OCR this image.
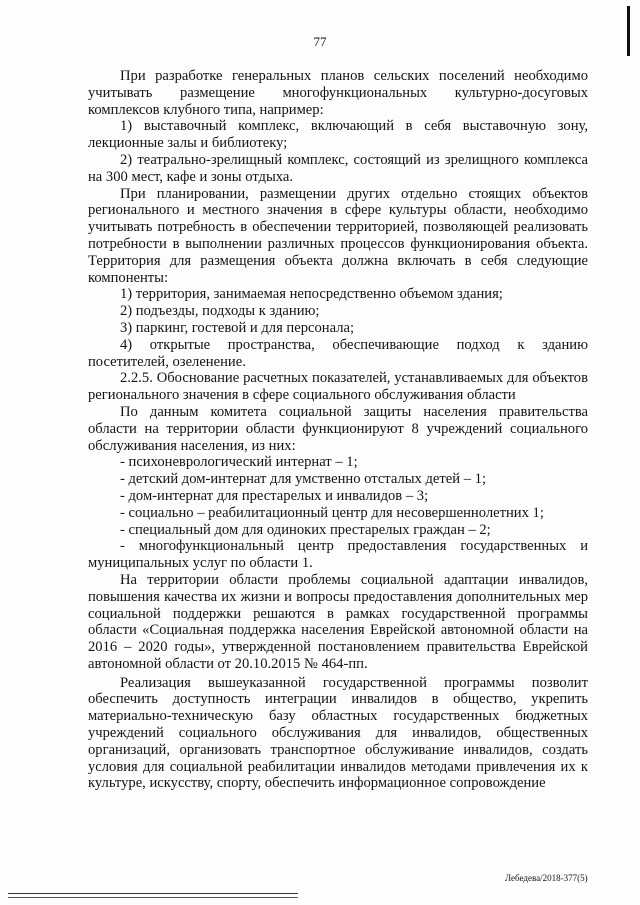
77

При разработке генеральных планов сельских поселений необходимо учитывать размещение многофункциональных культурно-досуговых комплексов клубного типа, например:

1) выставочный комплекс, включающий в себя выставочную зону, лекционные залы и библиотеку;

2) театрально-зрелищный комплекс, состоящий из зрелищного комплекса на 300 мест, кафе и зоны отдыха.

При планировании, размещении других отдельно стоящих объектов регионального и местного значения в сфере культуры области, необходимо учитывать потребность в обеспечении территорией, позволяющей реализовать потребности в выполнении различных процессов функционирования объекта. Территория для размещения объекта должна включать в себя следующие компоненты:

1) территория, занимаемая непосредственно объемом здания;

2) подъезды, подходы к зданию;

3) паркинг, гостевой и для персонала;

4) открытые пространства, обеспечивающие подход к зданию посетителей, озеленение.

2.2.5. Обоснование расчетных показателей, устанавливаемых для объектов регионального значения в сфере социального обслуживания области

По данным комитета социальной защиты населения правительства области на территории области функционируют 8 учреждений социального обслуживания населения, из них:

- психоневрологический интернат – 1;

- детский дом-интернат для умственно отсталых детей – 1;

- дом-интернат для престарелых и инвалидов – 3;

- социально – реабилитационный центр для несовершеннолетних 1;

- специальный дом для одиноких престарелых граждан – 2;

- многофункциональный центр предоставления государственных и муниципальных услуг по области 1.

На территории области проблемы социальной адаптации инвалидов, повышения качества их жизни и вопросы предоставления дополнительных мер социальной поддержки решаются в рамках государственной программы области «Социальная поддержка населения Еврейской автономной области на 2016 – 2020 годы», утвержденной постановлением правительства Еврейской автономной области от 20.10.2015 № 464-пп.

Реализация вышеуказанной государственной программы позволит обеспечить доступность интеграции инвалидов в общество, укрепить материально-техническую базу областных государственных бюджетных учреждений социального обслуживания для инвалидов, общественных организаций, организовать транспортное обслуживание инвалидов, создать условия для социальной реабилитации инвалидов методами привлечения их к культуре, искусству, спорту, обеспечить информационное сопровождение

Лебедева/2018-377(5)
